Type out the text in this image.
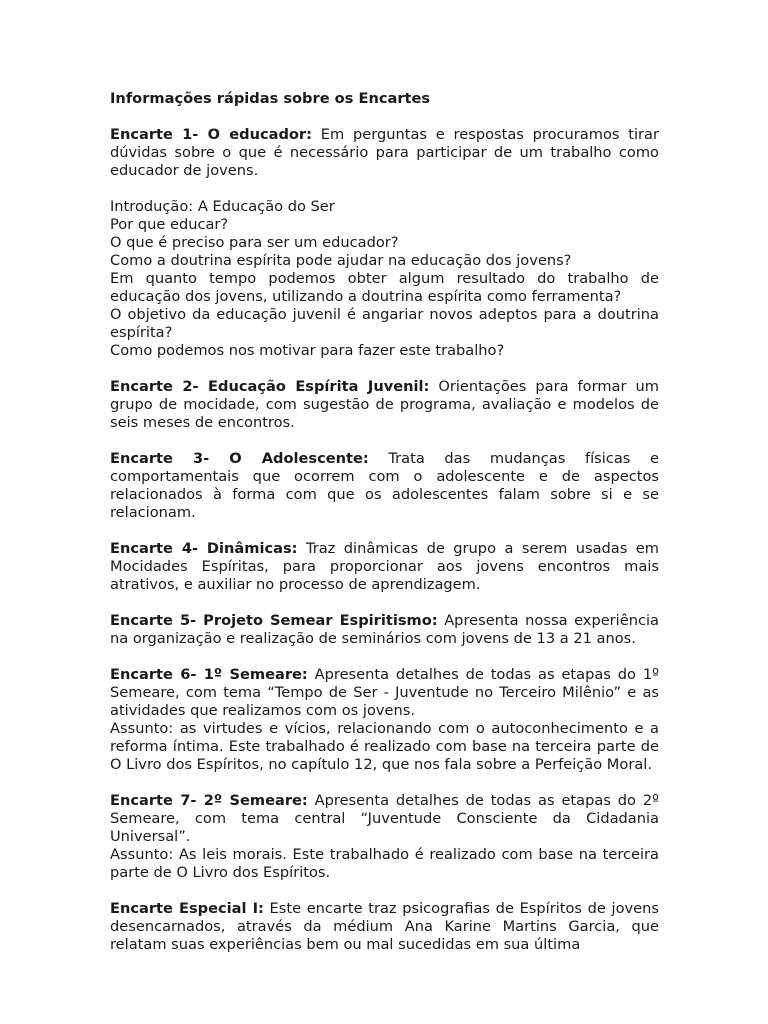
Informações rápidas sobre os Encartes

Encarte 1- O educador: Em perguntas e respostas procuramos tirar dúvidas sobre o que é necessário para participar de um trabalho como educador de jovens.

Introdução: A Educação do Ser
Por que educar?
O que é preciso para ser um educador?
Como a doutrina espírita pode ajudar na educação dos jovens?
Em quanto tempo podemos obter algum resultado do trabalho de educação dos jovens, utilizando a doutrina espírita como ferramenta?
O objetivo da educação juvenil é angariar novos adeptos para a doutrina espírita?
Como podemos nos motivar para fazer este trabalho?

Encarte 2- Educação Espírita Juvenil: Orientações para formar um grupo de mocidade, com sugestão de programa, avaliação e modelos de seis meses de encontros.

Encarte 3- O Adolescente: Trata das mudanças físicas e comportamentais que ocorrem com o adolescente e de aspectos relacionados à forma com que os adolescentes falam sobre si e se relacionam.

Encarte 4- Dinâmicas: Traz dinâmicas de grupo a serem usadas em Mocidades Espíritas, para proporcionar aos jovens encontros mais atrativos, e auxiliar no processo de aprendizagem.

Encarte 5- Projeto Semear Espiritismo: Apresenta nossa experiência na organização e realização de seminários com jovens de 13 a 21 anos.

Encarte 6- 1º Semeare: Apresenta detalhes de todas as etapas do 1º Semeare, com tema “Tempo de Ser - Juventude no Terceiro Milênio” e as atividades que realizamos com os jovens.

Assunto: as virtudes e vícios, relacionando com o autoconhecimento e a reforma íntima. Este trabalhado é realizado com base na terceira parte de O Livro dos Espíritos, no capítulo 12, que nos fala sobre a Perfeição Moral.

Encarte 7- 2º Semeare: Apresenta detalhes de todas as etapas do 2º Semeare, com tema central “Juventude Consciente da Cidadania Universal”.

Assunto: As leis morais. Este trabalhado é realizado com base na terceira parte de O Livro dos Espíritos.

Encarte Especial I: Este encarte traz psicografias de Espíritos de jovens desencarnados, através da médium Ana Karine Martins Garcia, que relatam suas experiências bem ou mal sucedidas em sua última
